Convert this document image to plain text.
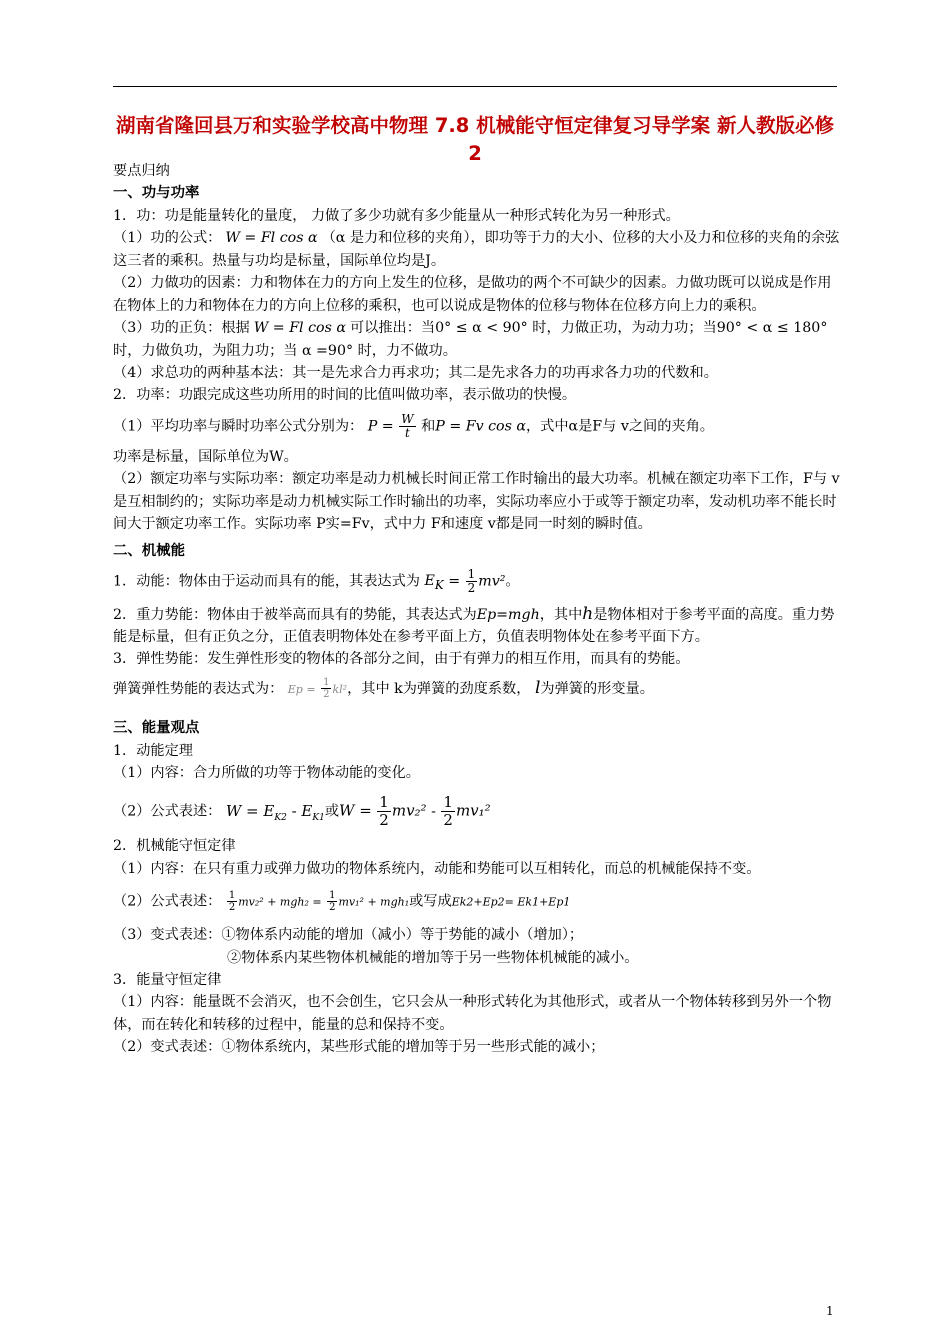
湖南省隆回县万和实验学校高中物理 7.8 机械能守恒定律复习导学案 新人教版必修2

要点归纳

一、功与功率

1．功：功是能量转化的量度， 力做了多少功就有多少能量从一种形式转化为另一种形式。

（1）功的公式： W = Fl cos α （α 是力和位移的夹角），即功等于力的大小、位移的大小及力和位移的夹角的余弦这三者的乘积。热量与功均是标量，国际单位均是J。

（2）力做功的因素：力和物体在力的方向上发生的位移，是做功的两个不可缺少的因素。力做功既可以说成是作用在物体上的力和物体在力的方向上位移的乘积，也可以说成是物体的位移与物体在位移方向上力的乘积。

（3）功的正负：根据 W = Fl cos α 可以推出：当0° ≤ α < 90° 时，力做正功，为动力功；当90° < α ≤ 180° 时，力做负功，为阻力功；当 α =90° 时，力不做功。

（4）求总功的两种基本法：其一是先求合力再求功；其二是先求各力的功再求各力功的代数和。

2．功率：功跟完成这些功所用的时间的比值叫做功率，表示做功的快慢。

（1）平均功率与瞬时功率公式分别为： $P = \frac{W}{t}$ 和P = Fv cos α，式中α是F与 v之间的夹角。

功率是标量，国际单位为W。

（2）额定功率与实际功率：额定功率是动力机械长时间正常工作时输出的最大功率。机械在额定功率下工作，F与 v是互相制约的；实际功率是动力机械实际工作时输出的功率，实际功率应小于或等于额定功率，发动机功率不能长时间大于额定功率工作。实际功率 P实=Fv，式中力 F和速度 v都是同一时刻的瞬时值。

二、机械能

1．动能：物体由于运动而具有的能，其表达式为 $E_K = \frac{1}{2} mv^2$。

2．重力势能：物体由于被举高而具有的势能，其表达式为Ep=mgh，其中h是物体相对于参考平面的高度。重力势能是标量，但有正负之分，正值表明物体处在参考平面上方，负值表明物体处在参考平面下方。

3．弹性势能：发生弹性形变的物体的各部分之间，由于有弹力的相互作用，而具有的势能。

弹簧弹性势能的表达式为： $Ep = \frac{1}{2} kl^2$，其中 k为弹簧的劲度系数， l为弹簧的形变量。

三、能量观点

1．动能定理

（1）内容：合力所做的功等于物体动能的变化。

（2）公式表述： $W = E_{K2} - E_{K1}$或$W = \frac{1}{2} mv_2^2 - \frac{1}{2} mv_1^2$

2．机械能守恒定律

（1）内容：在只有重力或弹力做功的物体系统内，动能和势能可以互相转化，而总的机械能保持不变。

（2）公式表述： $\frac{1}{2} mv_2^2 + mgh_2 = \frac{1}{2} mv_1^2 + mgh_1$或写成Ek2+Ep2= Ek1+Ep1

（3）变式表述：①物体系内动能的增加（减小）等于势能的减小（增加）；

②物体系内某些物体机械能的增加等于另一些物体机械能的减小。

3．能量守恒定律

（1）内容：能量既不会消灭，也不会创生，它只会从一种形式转化为其他形式，或者从一个物体转移到另外一个物体，而在转化和转移的过程中，能量的总和保持不变。

（2）变式表述：①物体系统内，某些形式能的增加等于另一些形式能的减小；

1
